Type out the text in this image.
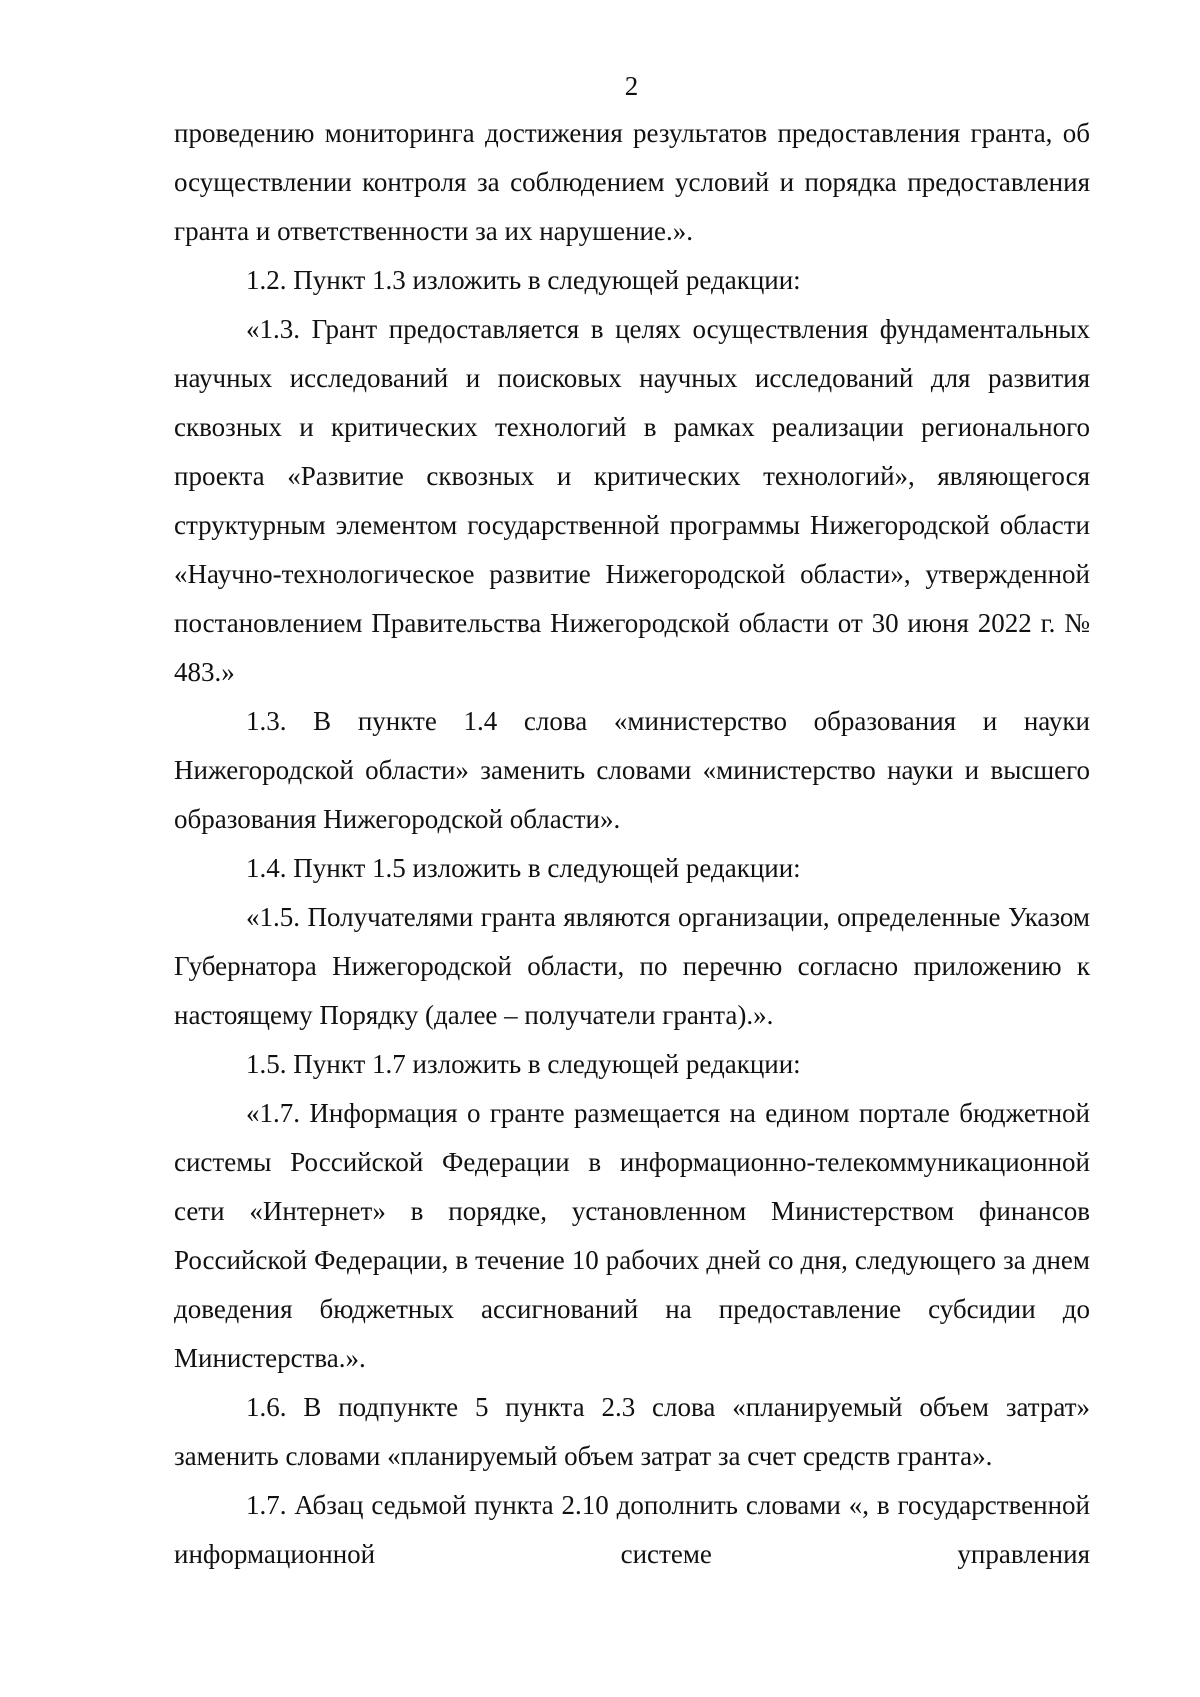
2

проведению мониторинга достижения результатов предоставления гранта, об осуществлении контроля за соблюдением условий и порядка предоставления гранта и ответственности за их нарушение.».

1.2. Пункт 1.3 изложить в следующей редакции:

«1.3. Грант предоставляется в целях осуществления фундаментальных научных исследований и поисковых научных исследований для развития сквозных и критических технологий в рамках реализации регионального проекта «Развитие сквозных и критических технологий», являющегося структурным элементом государственной программы Нижегородской области «Научно-технологическое развитие Нижегородской области», утвержденной постановлением Правительства Нижегородской области от 30 июня 2022 г. № 483.»

1.3. В пункте 1.4 слова «министерство образования и науки Нижегородской области» заменить словами «министерство науки и высшего образования Нижегородской области».

1.4. Пункт 1.5 изложить в следующей редакции:

«1.5. Получателями гранта являются организации, определенные Указом Губернатора Нижегородской области, по перечню согласно приложению к настоящему Порядку (далее – получатели гранта).».

1.5. Пункт 1.7 изложить в следующей редакции:

«1.7. Информация о гранте размещается на едином портале бюджетной системы Российской Федерации в информационно-телекоммуникационной сети «Интернет» в порядке, установленном Министерством финансов Российской Федерации, в течение 10 рабочих дней со дня, следующего за днем доведения бюджетных ассигнований на предоставление субсидии до Министерства.».

1.6. В подпункте 5 пункта 2.3 слова «планируемый объем затрат» заменить словами «планируемый объем затрат за счет средств гранта».

1.7. Абзац седьмой пункта 2.10 дополнить словами «, в государственной информационной системе управления
